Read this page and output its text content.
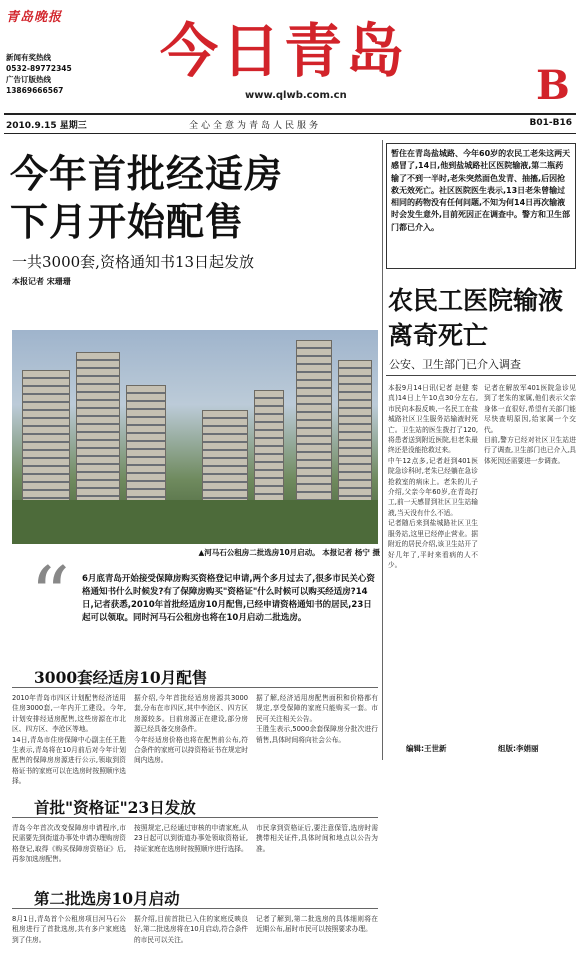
青岛晚报
新闻有奖热线
0532-89772345
广告订版热线
13869666567
今日青岛
www.qlwb.com.cn	B
2010.9.15 星期三	全心全意为青岛人民服务	B01-B16
今年首批经适房
下月开始配售
一共3000套,资格通知书13日起发放
本报记者 宋珊珊
▲河马石公租房二批选房10月启动。 本报记者 杨宁 摄
“ 6月底青岛开始接受保障房购买资格登记申请,两个多月过去了,很多市民关心资格通知书什么时候发?有了保障房购买"资格证"什么时候可以购买经适房?14日,记者获悉,2010年首批经适房10月配售,已经申请资格通知书的居民,23日起可以领取。同时河马石公租房也将在10月启动二批选房。
3000套经适房10月配售

2010年青岛市四区计划配售经济适用住房3000套,一年内开工建设。今年,计划安排经适房配售,这些房源在市北区、四方区、李沧区等地。

14日,青岛市住房保障中心副主任王胜生表示,青岛将在10月前后对今年计划配售的保障房房源进行公示,领取到资格证书的家庭可以在选房时按照顺序选择。

据介绍,今年首批经适房房源共3000套,分布在市四区,其中李沧区、四方区房源较多。目前房源正在建设,部分房源已经具备交房条件。

今年经适房价格也将在配售前公布,符合条件的家庭可以持资格证书在规定时间内选房。

据了解,经济适用房配售面积和价格都有规定,享受保障的家庭只能购买一套。市民可关注相关公告。

王胜生表示,5000余套保障房分批次进行销售,具体时间将向社会公布。

首批"资格证"23日发放
青岛今年首次改变保障房申请程序,市民需要先到街道办事处申请办理购房资格登记,取得《购买保障房资格证》后,再参加选房配售。
按照规定,已经通过审核的申请家庭,从23日起可以到街道办事处领取资格证,持证家庭在选房时按照顺序进行选择。
市民拿到资格证后,要注意保管,选房时需携带相关证件,具体时间和地点以公告为准。
第二批选房10月启动
8月1日,青岛首个公租房项目河马石公租房进行了首批选房,共有多户家庭选到了住房。
据介绍,目前首批已入住的家庭反映良好,第二批选房将在10月启动,符合条件的市民可以关注。
记者了解到,第二批选房的具体细则将在近期公布,届时市民可以按照要求办理。
暂住在青岛盐城路、今年60岁的农民工老朱这两天感冒了,14日,他到盐城路社区医院输液,第二瓶药输了不到一半时,老朱突然面色发青、抽搐,后因抢救无效死亡。社区医院医生表示,13日老朱曾输过相同的药物没有任何问题,不知为何14日再次输液时会发生意外,目前死因正在调查中。警方和卫生部门都已介入。
农民工医院输液
离奇死亡
公安、卫生部门已介入调查

本报9月14日讯(记者 赵健 秦真)14日上午10点30分左右,市民向本报反映,一名民工在盐城路社区卫生服务站输液时死亡。卫生站的医生拨打了120,将患者送到附近医院,但老朱最终还是没能抢救过来。

中午12点多,记者赶到401医院急诊科时,老朱已经躺在急诊抢救室的病床上。老朱的儿子介绍,父亲今年60岁,在青岛打工,前一天感冒到社区卫生站输液,当天没有什么不适。

记者随后来到盐城路社区卫生服务站,这里已经停止营业。据附近的居民介绍,该卫生站开了好几年了,平时来看病的人不少。

记者在解放军401医院急诊见到了老朱的家属,他们表示父亲身体一直很好,希望有关部门能尽快查明原因,给家属一个交代。

目前,警方已经对社区卫生站进行了调查,卫生部门也已介入,具体死因还需要进一步调查。

编辑:王世新	组版:李娟丽
